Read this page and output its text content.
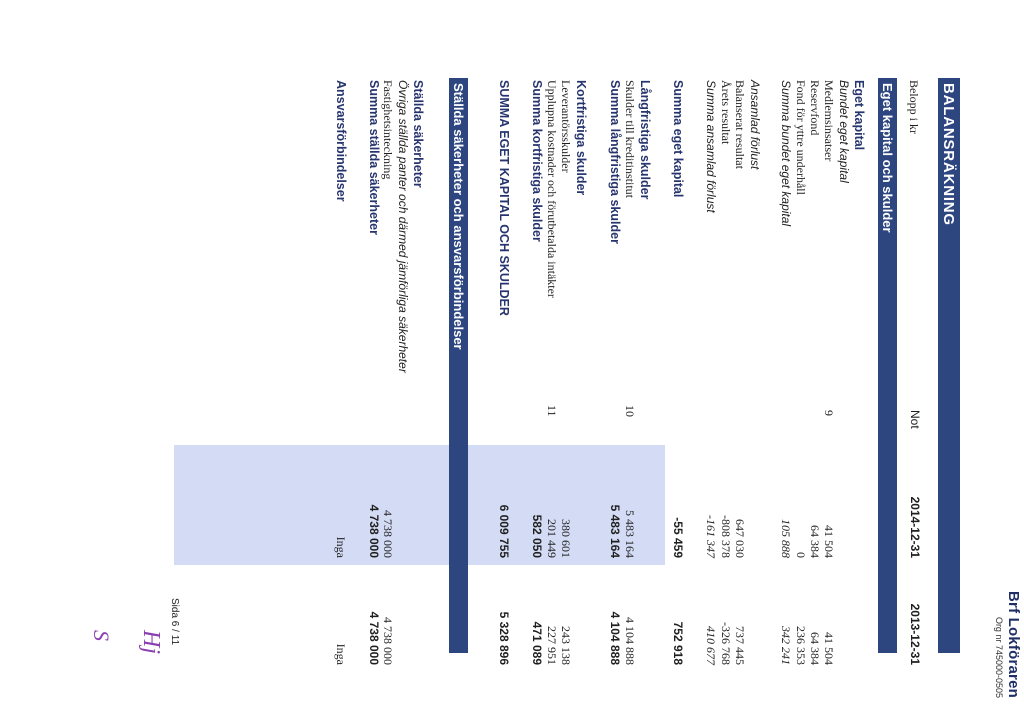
Brf Lokföraren
Org nr 745000-0505
BALANSRÄKNING
Belopp i kr
Not
2014-12-31
2013-12-31
Eget kapital och skulder
Eget kapital
Bundet eget kapital
Medlemsinsatser
9
41 504
41 504
Reservfond
64 384
64 384
Fond för yttre underhåll
0
236 353
Summa bundet eget kapital
105 888
342 241
Ansamlad förlust
Balanserat resultat
647 030
737 445
Årets resultat
-808 378
-326 768
Summa ansamlad förlust
-161 347
410 677
Summa eget kapital
-55 459
752 918
Långfristiga skulder
Skulder till kreditinstitut
10
5 483 164
4 104 888
Summa långfristiga skulder
5 483 164
4 104 888
Kortfristiga skulder
Leverantörsskulder
380 601
243 138
Upplupna kostnader och förutbetalda intäkter
11
201 449
227 951
Summa kortfristiga skulder
582 050
471 089
SUMMA EGET KAPITAL OCH SKULDER
6 009 755
5 328 896
Ställda säkerheter och ansvarsförbindelser
Ställda säkerheter
Övriga ställda panter och därmed jämförliga säkerheter
Fastighetsinteckning
4 738 000
4 738 000
Summa ställda säkerheter
4 738 000
4 738 000
Ansvarsförbindelser
Inga
Inga
Sida 6 / 11
Hj
S
